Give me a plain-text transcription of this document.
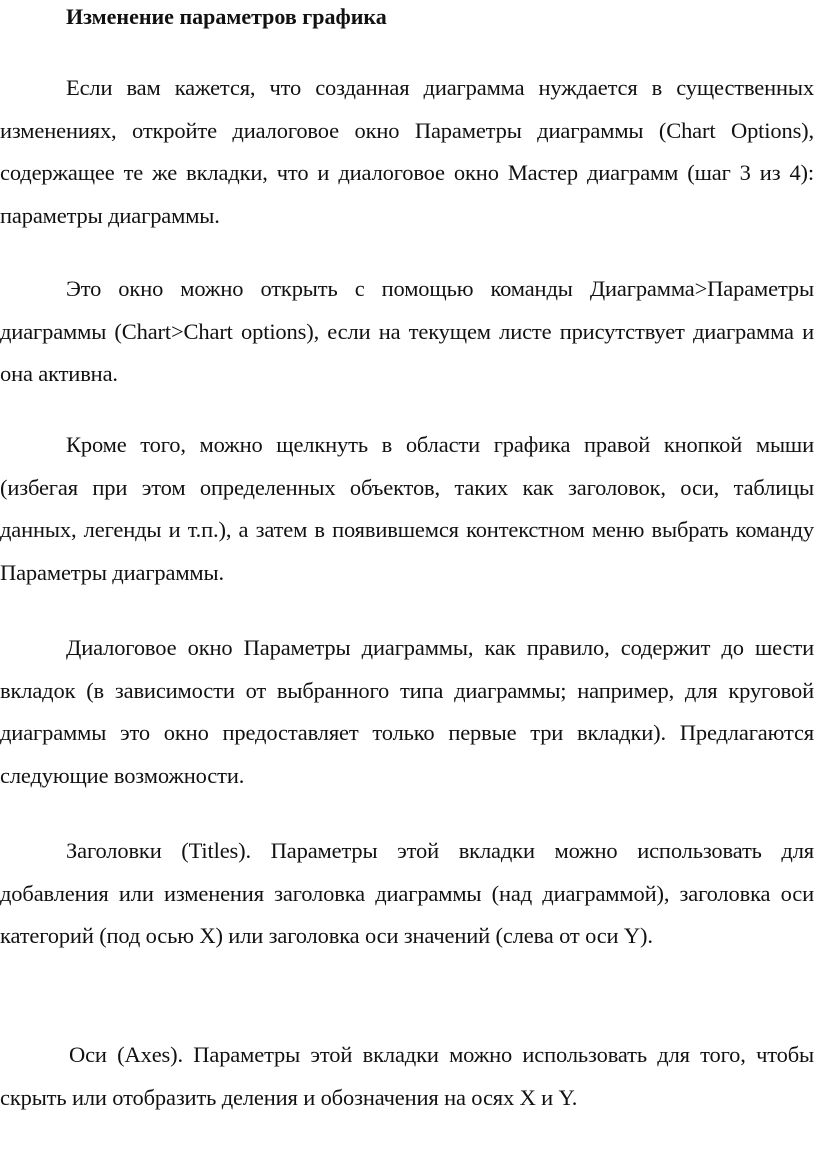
Изменение параметров графика

Если вам кажется, что созданная диаграмма нуждается в существенных изменениях, откройте диалоговое окно Параметры диаграммы (Chart Options), содержащее те же вкладки, что и диалоговое окно Мастер диаграмм (шаг 3 из 4): параметры диаграммы.

Это окно можно открыть с помощью команды Диаграмма>Параметры диаграммы (Chart>Chart options), если на текущем листе присутствует диаграмма и она активна.

Кроме того, можно щелкнуть в области графика правой кнопкой мыши (избегая при этом определенных объектов, таких как заголовок, оси, таблицы данных, легенды и т.п.), а затем в появившемся контекстном меню выбрать команду Параметры диаграммы.

Диалоговое окно Параметры диаграммы, как правило, содержит до шести вкладок (в зависимости от выбранного типа диаграммы; например, для круговой диаграммы это окно предоставляет только первые три вкладки). Предлагаются следующие возможности.

Заголовки (Titles). Параметры этой вкладки можно использовать для добавления или изменения заголовка диаграммы (над диаграммой), заголовка оси категорий (под осью X) или заголовка оси значений (слева от оси Y).

Оси (Axes). Параметры этой вкладки можно использовать для того, чтобы скрыть или отобразить деления и обозначения на осях X и Y.
